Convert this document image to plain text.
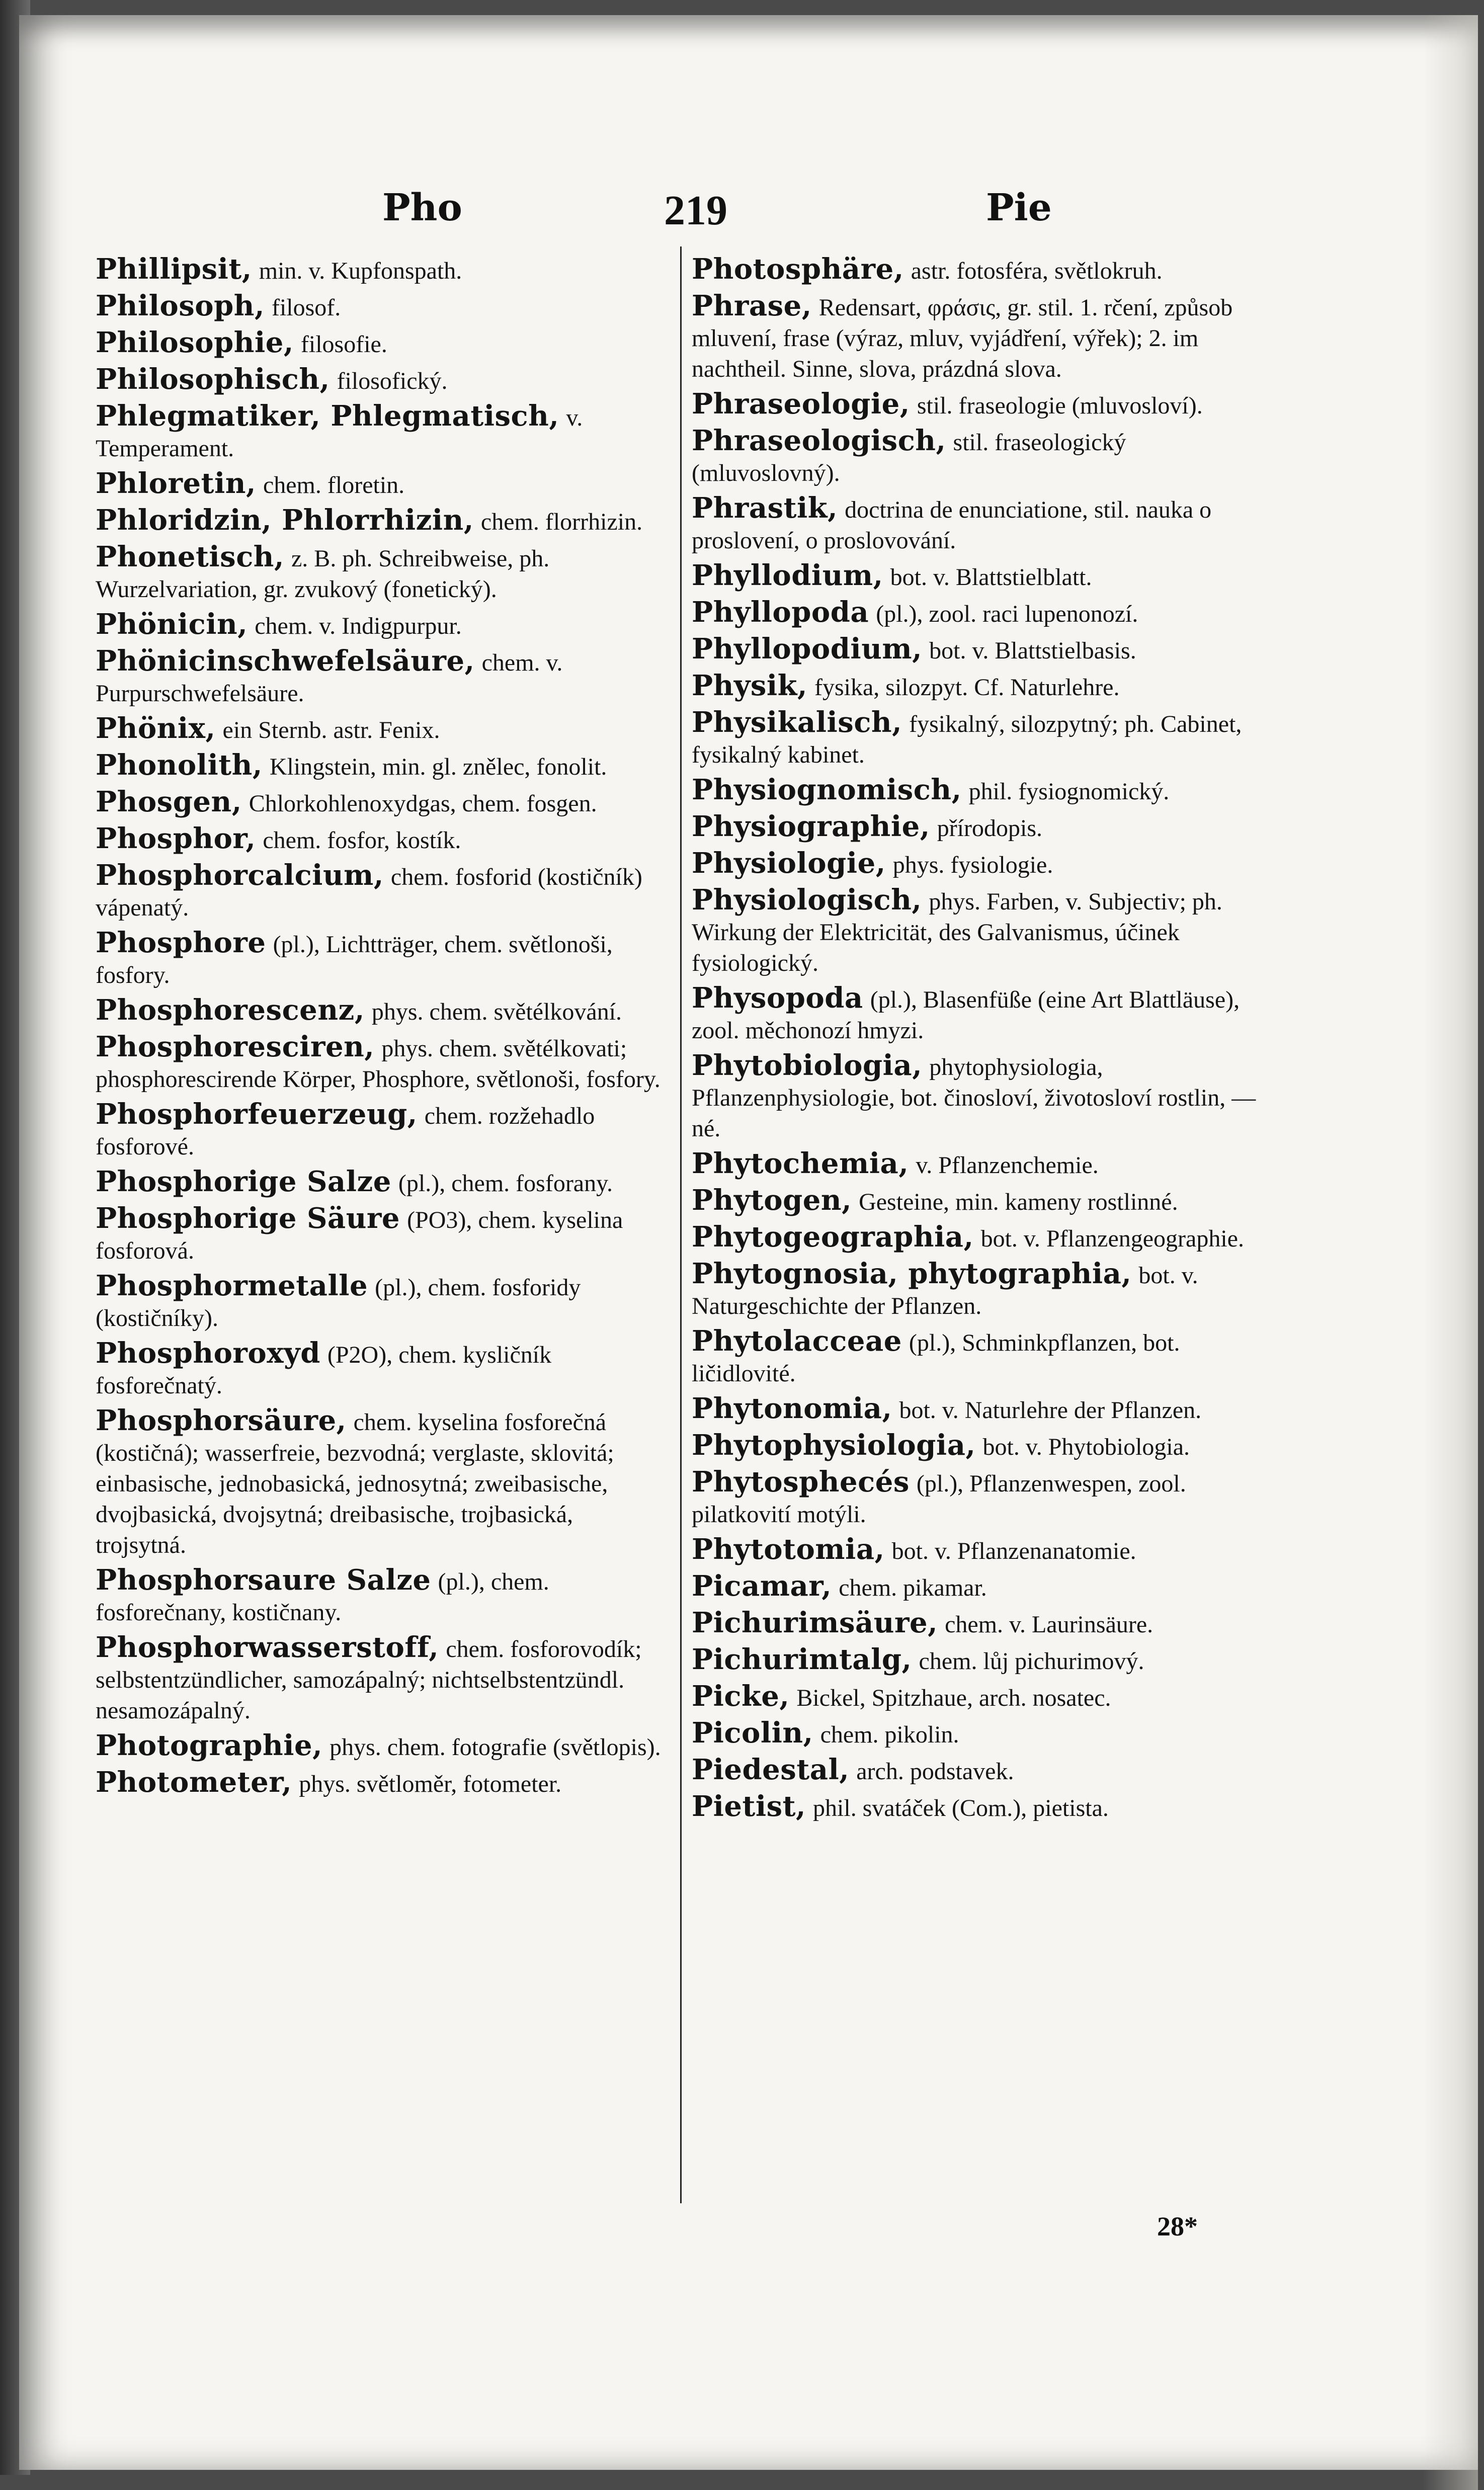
Pho	219	Pie
Phillipsit, min. v. Kupfonspath.
Philosoph, filosof.
Philosophie, filosofie.
Philosophisch, filosofický.
Phlegmatiker, Phlegmatisch, v. Temperament.
Phloretin, chem. floretin.
Phloridzin, Phlorrhizin, chem. florrhizin.
Phonetisch, z. B. ph. Schreibweise, ph. Wurzelvariation, gr. zvukový (fonetický).
Phönicin, chem. v. Indigpurpur.
Phönicinschwefelsäure, chem. v. Purpurschwefelsäure.
Phönix, ein Sternb. astr. Fenix.
Phonolith, Klingstein, min. gl. znělec, fonolit.
Phosgen, Chlorkohlenoxydgas, chem. fosgen.
Phosphor, chem. fosfor, kostík.
Phosphorcalcium, chem. fosforid (kostičník) vápenatý.
Phosphore (pl.), Lichtträger, chem. světlonoši, fosfory.
Phosphorescenz, phys. chem. světélkování.
Phosphoresciren, phys. chem. světélkovati; phosphorescirende Körper, Phosphore, světlonoši, fosfory.
Phosphorfeuerzeug, chem. rozžehadlo fosforové.
Phosphorige Salze (pl.), chem. fosforany.
Phosphorige Säure (PO3), chem. kyselina fosforová.
Phosphormetalle (pl.), chem. fosforidy (kostičníky).
Phosphoroxyd (P2O), chem. kysličník fosforečnatý.
Phosphorsäure, chem. kyselina fosforečná (kostičná); wasserfreie, bezvodná; verglaste, sklovitá; einbasische, jednobasická, jednosytná; zweibasische, dvojbasická, dvojsytná; dreibasische, trojbasická, trojsytná.
Phosphorsaure Salze (pl.), chem. fosforečnany, kostičnany.
Phosphorwasserstoff, chem. fosforovodík; selbstentzündlicher, samozápalný; nichtselbstentzündl. nesamozápalný.
Photographie, phys. chem. fotografie (světlopis).
Photometer, phys. světloměr, fotometer.
Photosphäre, astr. fotosféra, světlokruh.
Phrase, Redensart, φράσις, gr. stil. 1. rčení, způsob mluvení, frase (výraz, mluv, vyjádření, výřek); 2. im nachtheil. Sinne, slova, prázdná slova.
Phraseologie, stil. fraseologie (mluvosloví).
Phraseologisch, stil. fraseologický (mluvoslovný).
Phrastik, doctrina de enunciatione, stil. nauka o proslovení, o proslovování.
Phyllodium, bot. v. Blattstielblatt.
Phyllopoda (pl.), zool. raci lupenonozí.
Phyllopodium, bot. v. Blattstielbasis.
Physik, fysika, silozpyt. Cf. Naturlehre.
Physikalisch, fysikalný, silozpytný; ph. Cabinet, fysikalný kabinet.
Physiognomisch, phil. fysiognomický.
Physiographie, přírodopis.
Physiologie, phys. fysiologie.
Physiologisch, phys. Farben, v. Subjectiv; ph. Wirkung der Elektricität, des Galvanismus, účinek fysiologický.
Physopoda (pl.), Blasenfüße (eine Art Blattläuse), zool. měchonozí hmyzi.
Phytobiologia, phytophysiologia, Pflanzenphysiologie, bot. činosloví, životosloví rostlin, —né.
Phytochemia, v. Pflanzenchemie.
Phytogen, Gesteine, min. kameny rostlinné.
Phytogeographia, bot. v. Pflanzengeographie.
Phytognosia, phytographia, bot. v. Naturgeschichte der Pflanzen.
Phytolacceae (pl.), Schminkpflanzen, bot. ličidlovité.
Phytonomia, bot. v. Naturlehre der Pflanzen.
Phytophysiologia, bot. v. Phytobiologia.
Phytosphecés (pl.), Pflanzenwespen, zool. pilatkovití motýli.
Phytotomia, bot. v. Pflanzenanatomie.
Picamar, chem. pikamar.
Pichurimsäure, chem. v. Laurinsäure.
Pichurimtalg, chem. lůj pichurimový.
Picke, Bickel, Spitzhaue, arch. nosatec.
Picolin, chem. pikolin.
Piedestal, arch. podstavek.
Pietist, phil. svatáček (Com.), pietista.
28*
